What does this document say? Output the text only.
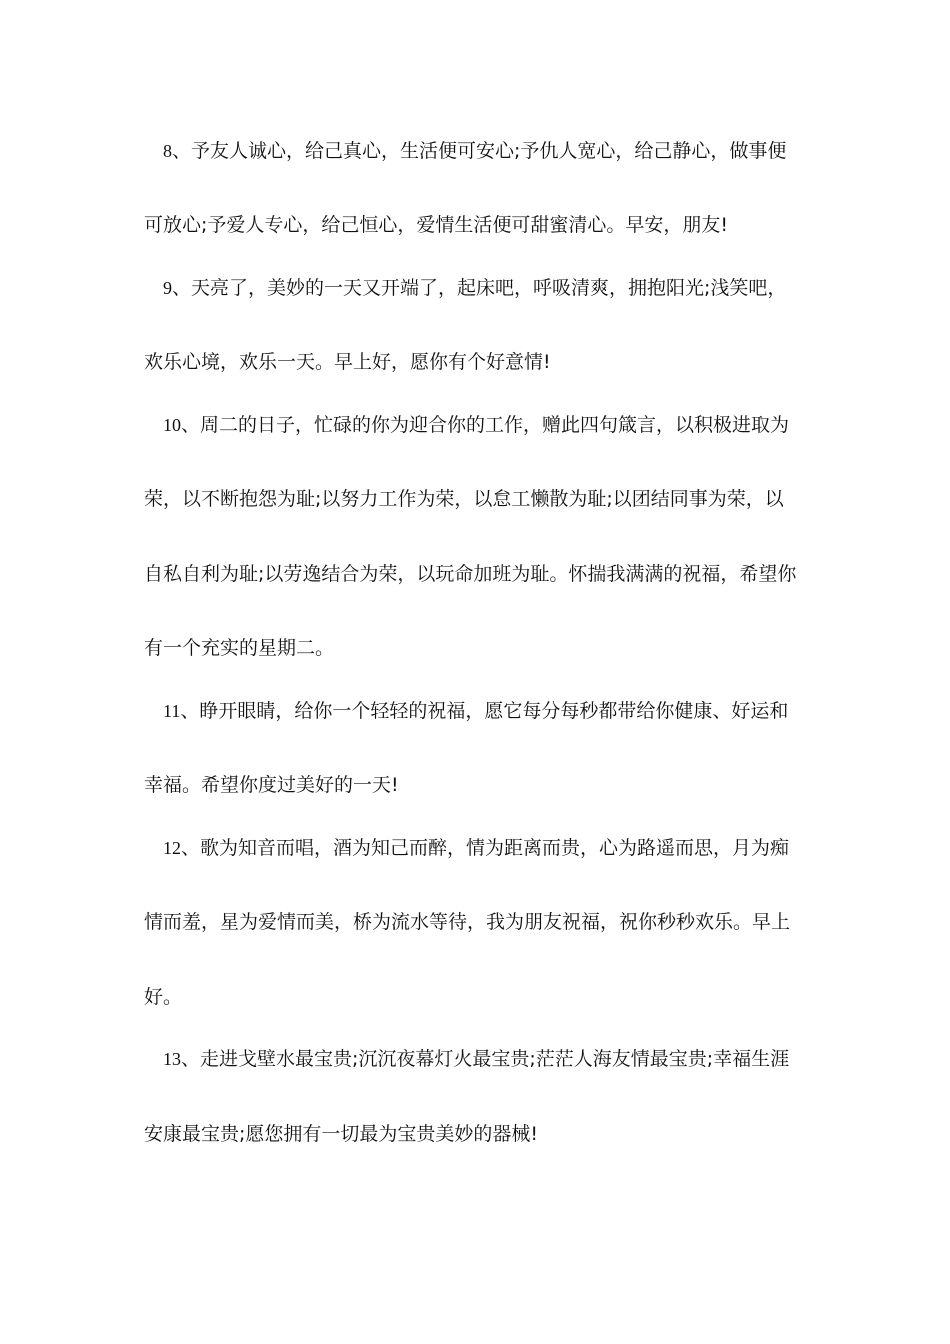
8、予友人诚心，给己真心，生活便可安心;予仇人宽心，给己静心，做事便
可放心;予爱人专心，给己恒心，爱情生活便可甜蜜清心。早安，朋友!
9、天亮了，美妙的一天又开端了，起床吧，呼吸清爽，拥抱阳光;浅笑吧，
欢乐心境，欢乐一天。早上好，愿你有个好意情!
10、周二的日子，忙碌的你为迎合你的工作，赠此四句箴言，以积极进取为
荣，以不断抱怨为耻;以努力工作为荣，以怠工懒散为耻;以团结同事为荣，以
自私自利为耻;以劳逸结合为荣，以玩命加班为耻。怀揣我满满的祝福，希望你
有一个充实的星期二。
11、睁开眼睛，给你一个轻轻的祝福，愿它每分每秒都带给你健康、好运和
幸福。希望你度过美好的一天!
12、歌为知音而唱，酒为知己而醉，情为距离而贵，心为路遥而思，月为痴
情而羞，星为爱情而美，桥为流水等待，我为朋友祝福，祝你秒秒欢乐。早上
好。
13、走进戈壁水最宝贵;沉沉夜幕灯火最宝贵;茫茫人海友情最宝贵;幸福生涯
安康最宝贵;愿您拥有一切最为宝贵美妙的器械!
